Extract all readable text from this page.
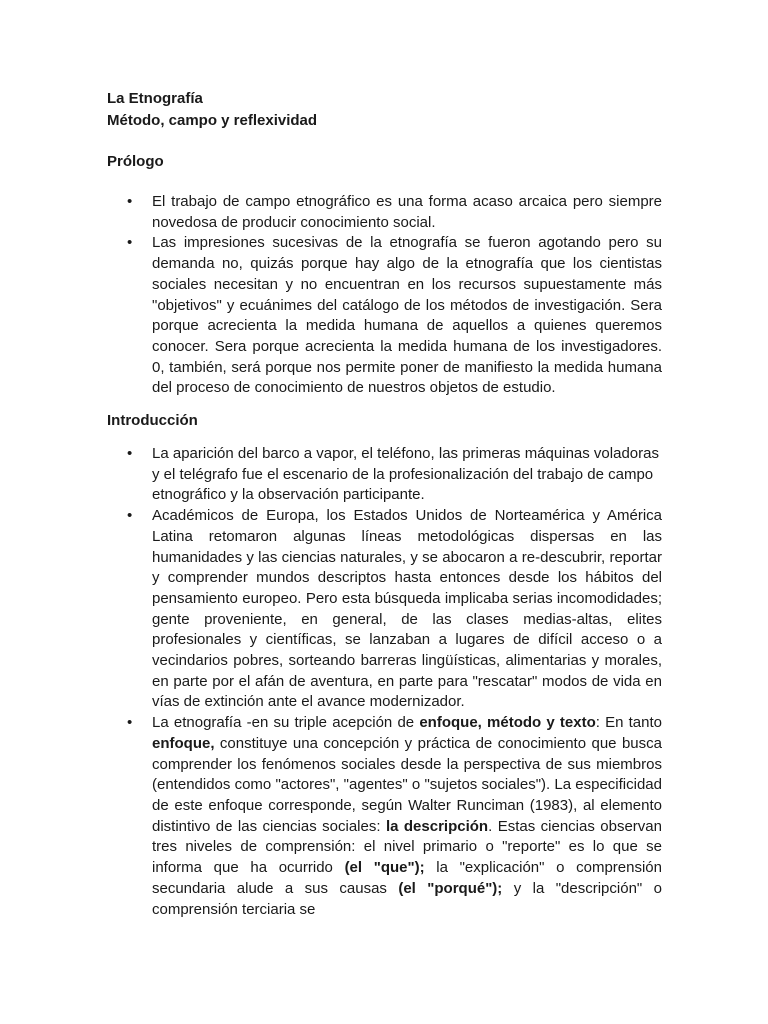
La Etnografía

Método, campo y reflexividad

Prólogo

• El trabajo de campo etnográfico es una forma acaso arcaica pero siempre novedosa de producir conocimiento social.
• Las impresiones sucesivas de la etnografía se fueron agotando pero su demanda no, quizás porque hay algo de la etnografía que los cientistas sociales necesitan y no encuentran en los recursos supuestamente más "objetivos" y ecuánimes del catálogo de los métodos de investigación. Sera porque acrecienta la medida humana de aquellos a quienes queremos conocer. Sera porque acrecienta la medida humana de los investigadores. 0, también, será porque nos permite poner de manifiesto la medida humana del proceso de conocimiento de nuestros objetos de estudio.

Introducción

• La aparición del barco a vapor, el teléfono, las primeras máquinas voladoras y el telégrafo fue el escenario de la profesionalización del trabajo de campo etnográfico y la observación participante.
• Académicos de Europa, los Estados Unidos de Norteamérica y América Latina retomaron algunas líneas metodológicas dispersas en las humanidades y las ciencias naturales, y se abocaron a re-descubrir, reportar y comprender mundos descriptos hasta entonces desde los hábitos del pensamiento europeo. Pero esta búsqueda implicaba serias incomodidades; gente proveniente, en general, de las clases medias-altas, elites profesionales y científicas, se lanzaban a lugares de difícil acceso o a vecindarios pobres, sorteando barreras lingüísticas, alimentarias y morales, en parte por el afán de aventura, en parte para "rescatar" modos de vida en vías de extinción ante el avance modernizador.
• La etnografía -en su triple acepción de enfoque, método y texto: En tanto enfoque, constituye una concepción y práctica de conocimiento que busca comprender los fenómenos sociales desde la perspectiva de sus miembros (entendidos como "actores", "agentes" o "sujetos sociales"). La especificidad de este enfoque corresponde, según Walter Runciman (1983), al elemento distintivo de las ciencias sociales: la descripción. Estas ciencias observan tres niveles de comprensión: el nivel primario o "reporte" es lo que se informa que ha ocurrido (el "que"); la "explicación" o comprensión secundaria alude a sus causas (el "porqué"); y la "descripción" o comprensión terciaria se
